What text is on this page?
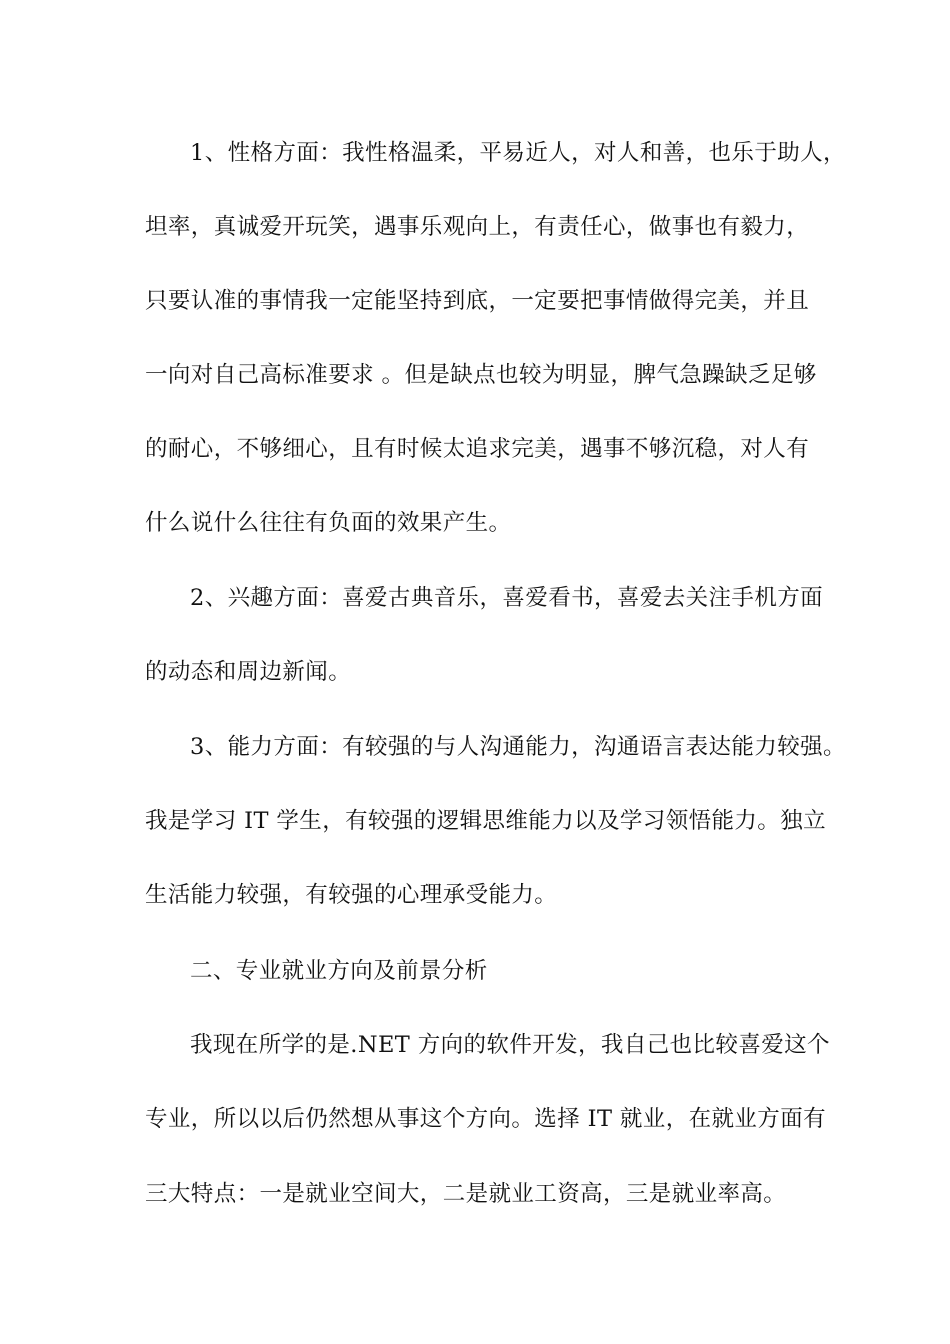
1、性格方面：我性格温柔，平易近人，对人和善，也乐于助人，
坦率，真诚爱开玩笑，遇事乐观向上，有责任心，做事也有毅力，
只要认准的事情我一定能坚持到底，一定要把事情做得完美，并且
一向对自己高标准要求 。但是缺点也较为明显，脾气急躁缺乏足够
的耐心，不够细心，且有时候太追求完美，遇事不够沉稳，对人有
什么说什么往往有负面的效果产生。
2、兴趣方面：喜爱古典音乐，喜爱看书，喜爱去关注手机方面
的动态和周边新闻。
3、能力方面：有较强的与人沟通能力，沟通语言表达能力较强。
我是学习 IT 学生，有较强的逻辑思维能力以及学习领悟能力。独立
生活能力较强，有较强的心理承受能力。
二、专业就业方向及前景分析
我现在所学的是.NET 方向的软件开发，我自己也比较喜爱这个
专业，所以以后仍然想从事这个方向。选择 IT 就业，在就业方面有
三大特点：一是就业空间大，二是就业工资高，三是就业率高。
